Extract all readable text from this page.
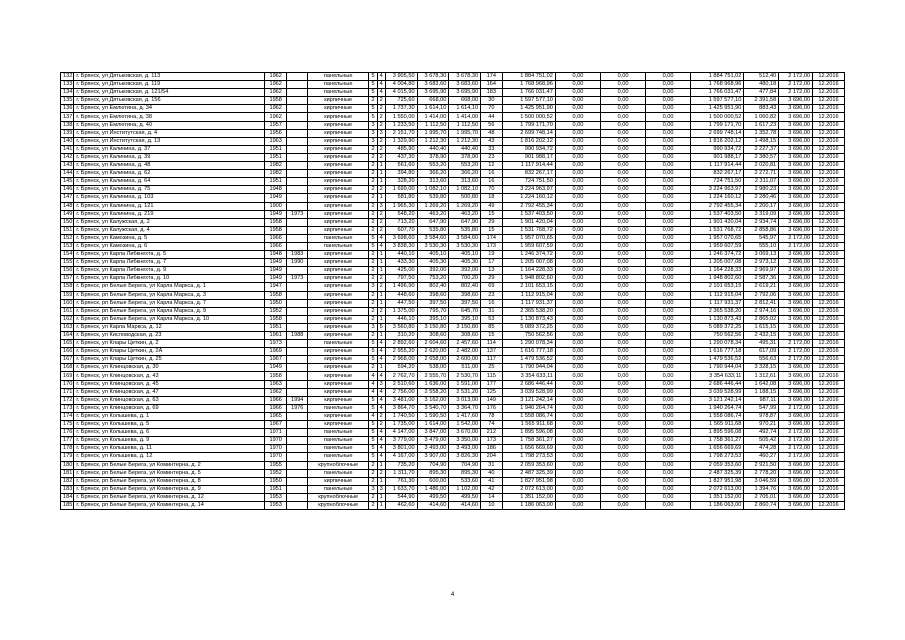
132	г. Брянск, ул Дятьковская, д. 113	1962		панельные	5	4	3 905,50	3 678,30	3 678,30	174	1 884 751,02	0,00	0,00	0,00	1 884 751,02	512,40	2 172,00	12.2016
133	г. Брянск, ул Дятьковская, д. 119	1962		панельные	5	4	4 004,80	3 683,60	3 683,60	164	1 768 968,96	0,00	0,00	0,00	1 768 968,96	480,18	2 172,00	12.2016
134	г. Брянск, ул Дятьковская, д. 121/54	1962		панельные	5	4	4 015,90	3 695,90	3 695,90	183	1 766 031,47	0,00	0,00	0,00	1 766 031,47	477,84	2 172,00	12.2016
135	г. Брянск, ул Дятьковская, д. 156	1958		кирпичные	2	2	725,60	668,00	668,00	30	1 597 577,10	0,00	0,00	0,00	1 597 577,10	2 391,58	3 696,00	12.2016
136	г. Брянск, ул Емлютина, д. 34	1962		кирпичные	5	2	1 737,30	1 614,10	1 614,10	70	1 425 951,90	0,00	0,00	0,00	1 425 951,90	883,43	3 696,00	12.2016
137	г. Брянск, ул Емлютина, д. 38	1962		кирпичные	5	2	1 550,00	1 414,00	1 414,00	44	1 500 000,52	0,00	0,00	0,00	1 500 000,52	1 060,82	3 696,00	12.2016
138	г. Брянск, ул Емлютина, д. 40	1957		кирпичные	3	2	1 233,50	1 112,50	1 112,50	56	1 799 171,70	0,00	0,00	0,00	1 799 171,70	1 617,23	3 696,00	12.2016
139	г. Брянск, ул Институтская, д. 4	1956		кирпичные	3	3	2 151,70	1 995,70	1 995,70	48	2 699 748,14	0,00	0,00	0,00	2 699 748,14	1 352,78	3 696,00	12.2016
140	г. Брянск, ул Институтская, д. 13	1963		кирпичные	3	2	1 329,90	1 212,30	1 212,30	43	1 816 202,12	0,00	0,00	0,00	1 816 202,12	1 498,15	3 696,00	12.2016
141	г. Брянск, ул Калинина, д. 37	1951		кирпичные	2	2	485,90	440,40	440,40	33	990 934,72	0,00	0,00	0,00	990 934,72	2 227,37	3 696,00	12.2016
142	г. Брянск, ул Калинина, д. 39	1951		кирпичные	2	2	437,30	378,90	378,90	23	901 988,17	0,00	0,00	0,00	901 988,17	2 380,57	3 696,00	12.2016
143	г. Брянск, ул Калинина, д. 48	1982		кирпичные	2	1	561,60	553,20	553,20	12	1 117 914,44	0,00	0,00	0,00	1 117 914,44	2 020,81	3 696,00	12.2016
144	г. Брянск, ул Калинина, д. 62	1982		кирпичные	2	1	394,80	366,20	366,20	16	832 267,17	0,00	0,00	0,00	832 267,17	2 272,71	3 696,00	12.2016
145	г. Брянск, ул Калинина, д. 64	1951		кирпичные	2	1	328,20	313,60	313,60	16	724 751,50	0,00	0,00	0,00	724 751,50	2 311,07	3 696,00	12.2016
146	г. Брянск, ул Калинина, д. 75	1948		кирпичные	2	2	1 699,00	1 082,10	1 082,10	70	3 224 963,97	0,00	0,00	0,00	3 224 963,97	2 980,23	3 696,00	12.2016
147	г. Брянск, ул Калинина, д. 103	1949		кирпичные	2	1	581,80	539,80	500,80	18	1 224 160,12	0,00	0,00	0,00	1 224 160,12	2 280,46	3 696,00	12.2016
148	г. Брянск, ул Калинина, д. 121	1900		кирпичные	2	3	1 965,30	1 269,20	1 269,20	49	2 792 455,34	0,00	0,00	0,00	2 792 455,34	2 200,17	3 696,00	12.2016
149	г. Брянск, ул Калинина, д. 219	1949	1973	кирпичные	2	2	548,20	463,20	463,20	15	1 537 403,50	0,00	0,00	0,00	1 537 403,50	3 319,09	3 696,00	12.2016
150	г. Брянск, ул Калужская, д. 2	1958		кирпичные	2	2	713,20	647,90	647,90	29	1 901 420,04	0,00	0,00	0,00	1 901 420,04	2 934,74	3 696,00	12.2016
151	г. Брянск, ул Калужская, д. 4	1958		кирпичные	2	2	607,70	535,80	535,80	15	1 531 768,72	0,00	0,00	0,00	1 531 768,72	2 858,86	3 696,00	12.2016
152	г. Брянск, ул Камозина, д. 5	1966		панельные	5	4	3 698,60	3 584,60	3 584,60	174	1 957 070,65	0,00	0,00	0,00	1 957 070,65	545,97	2 172,00	12.2016
153	г. Брянск, ул Камозина, д. 6	1966		панельные	5	4	3 838,30	3 530,30	3 530,30	173	1 959 607,59	0,00	0,00	0,00	1 959 607,59	555,10	2 172,00	12.2016
154	г. Брянск, ул Карла Либкнехта, д. 5	1948	1983	кирпичные	2	1	440,10	405,10	405,10	19	1 246 374,72	0,00	0,00	0,00	1 246 374,72	3 069,13	3 696,00	12.2016
155	г. Брянск, ул Карла Либкнехта, д. 7	1949	1990	кирпичные	2	1	433,30	405,30	405,30	17	1 205 007,08	0,00	0,00	0,00	1 205 007,08	2 973,12	3 696,00	12.2016
156	г. Брянск, ул Карла Либкнехта, д. 9	1949		кирпичные	2	1	425,00	392,00	392,00	13	1 164 228,33	0,00	0,00	0,00	1 164 228,33	2 969,97	3 696,00	12.2016
157	г. Брянск, ул Карла Либкнехта, д. 10	1949	1973	кирпичные	2	2	797,50	753,20	700,20	29	1 948 802,60	0,00	0,00	0,00	1 948 802,60	2 587,36	3 696,00	12.2016
158	г. Брянск, рп Белые Берега, ул Карла Маркса, д. 1	1947		кирпичные	3	2	1 496,90	802,40	802,40	69	2 101 653,15	0,00	0,00	0,00	2 101 653,15	2 619,21	3 696,00	12.2016
159	г. Брянск, рп Белые Берега, ул Карла Маркса, д. 3	1958		кирпичные	2	1	448,60	398,60	398,60	23	1 112 915,04	0,00	0,00	0,00	1 112 915,04	2 792,06	3 696,00	12.2016
160	г. Брянск, рп Белые Берега, ул Карла Маркса, д. 7	1950		кирпичные	2	1	447,50	397,50	397,50	16	1 117 931,37	0,00	0,00	0,00	1 117 931,37	2 812,41	3 696,00	12.2016
161	г. Брянск, рп Белые Берега, ул Карла Маркса, д. 9	1952		кирпичные	2	2	1 375,00	795,70	645,70	31	2 365 538,20	0,00	0,00	0,00	2 365 538,20	2 974,16	3 696,00	12.2016
162	г. Брянск, рп Белые Берега, ул Карла Маркса, д. 10	1958		кирпичные	2	1	446,10	395,10	395,10	53	1 130 873,43	0,00	0,00	0,00	1 130 873,43	2 865,02	3 696,00	12.2016
163	г. Брянск, ул Карла Маркса, д. 12	1951		кирпичные	3	5	3 560,80	3 150,80	3 150,80	85	5 089 372,25	0,00	0,00	0,00	5 089 372,25	1 615,15	3 696,00	12.2016
164	г. Брянск, ул Кисловодская, д. 23	1961	1988	кирпичные	2	1	310,20	308,60	308,60	15	750 562,56	0,00	0,00	0,00	750 562,56	2 432,15	3 696,00	12.2016
165	г. Брянск, ул Клары Цеткин, д. 2	1973		панельные	5	4	2 892,60	2 604,60	2 457,60	114	1 290 078,34	0,00	0,00	0,00	1 290 078,34	495,31	2 172,00	12.2016
166	г. Брянск, ул Клары Цеткин, д. 2А	1969		кирпичные	5	4	2 955,20	2 620,00	2 482,00	137	1 616 777,18	0,00	0,00	0,00	1 616 777,18	617,09	2 172,00	12.2016
167	г. Брянск, ул Клары Цеткин, д. 25	1967		кирпичные	5	4	2 968,00	2 658,00	2 600,00	117	1 479 536,52	0,00	0,00	0,00	1 479 536,52	556,63	2 172,00	12.2016
168	г. Брянск, ул Клинцовская, д. 30	1949		кирпичные	2	1	594,20	538,00	511,00	25	1 790 944,04	0,00	0,00	0,00	1 790 944,04	3 328,15	3 696,00	12.2016
169	г. Брянск, ул Клинцовская, д. 43	1958		кирпичные	4	4	2 762,70	2 555,70	2 530,70	115	3 354 633,11	0,00	0,00	0,00	3 354 633,11	1 312,61	3 696,00	12.2016
170	г. Брянск, ул Клинцовская, д. 45	1963		кирпичные	4	3	2 510,60	1 636,00	1 591,00	177	2 686 446,44	0,00	0,00	0,00	2 686 446,44	1 642,08	3 696,00	12.2016
171	г. Брянск, ул Клинцовская, д. 47	1962		кирпичные	4	4	2 756,00	2 558,20	2 531,20	125	3 039 528,99	0,00	0,00	0,00	3 039 528,99	1 188,15	3 696,00	12.2016
172	г. Брянск, ул Клинцовская, д. 63	1966	1994	кирпичные	5	4	3 481,00	3 162,00	3 013,00	149	3 121 242,14	0,00	0,00	0,00	3 121 242,14	987,11	3 696,00	12.2016
173	г. Брянск, ул Клинцовская, д. 69	1966	1976	панельные	5	4	3 864,70	3 540,70	3 364,70	176	1 940 264,74	0,00	0,00	0,00	1 940 264,74	547,99	2 172,00	12.2016
174	г. Брянск, ул Колышева, д. 1	1965		кирпичные	4	2	1 740,50	1 590,50	1 417,60	78	1 558 086,74	0,00	0,00	0,00	1 558 086,74	978,87	3 696,00	12.2016
175	г. Брянск, ул Колышева, д. 5	1967		кирпичные	5	2	1 735,00	1 614,00	1 542,00	74	1 565 911,68	0,00	0,00	0,00	1 565 911,68	970,21	3 696,00	12.2016
176	г. Брянск, ул Колышева, д. 6	1971		панельные	5	4	4 147,00	3 847,00	3 670,00	212	1 895 596,08	0,00	0,00	0,00	1 895 596,08	492,74	2 172,00	12.2016
177	г. Брянск, ул Колышева, д. 9	1970		панельные	5	4	3 779,00	3 479,00	3 350,00	173	1 758 361,27	0,00	0,00	0,00	1 758 361,27	505,42	2 172,00	12.2016
178	г. Брянск, ул Колышева, д. 11	1970		панельные	5	4	3 801,00	3 493,00	3 493,00	186	1 656 669,69	0,00	0,00	0,00	1 656 669,69	474,28	2 172,00	12.2016
179	г. Брянск, ул Колышева, д. 12	1970		панельные	5	4	4 167,00	3 907,00	3 826,30	204	1 798 273,53	0,00	0,00	0,00	1 798 273,53	460,27	2 172,00	12.2016
180	г. Брянск, рп Белые Берега, ул Коминтерна, д. 2	1955		крупноблочные	2	1	735,20	704,90	704,90	31	2 059 353,60	0,00	0,00	0,00	2 059 353,60	2 921,50	3 696,00	12.2016
181	г. Брянск, рп Белые Берега, ул Коминтерна, д. 5	1952		панельные	2	2	1 311,70	895,30	895,30	40	2 487 325,39	0,00	0,00	0,00	2 487 325,39	2 778,20	3 696,00	12.2016
182	г. Брянск, рп Белые Берега, ул Коминтерна, д. 8	1950		кирпичные	2	1	761,30	600,00	533,60	41	1 827 951,98	0,00	0,00	0,00	1 827 951,98	3 046,59	3 696,00	12.2016
183	г. Брянск, рп Белые Берега, ул Коминтерна, д. 9	1951		панельные	3	3	1 633,70	1 486,00	1 102,00	42	2 072 613,00	0,00	0,00	0,00	2 072 613,00	1 394,76	3 696,00	12.2016
184	г. Брянск, рп Белые Берега, ул Коминтерна, д. 12	1953		крупноблочные	2	1	544,90	499,50	499,50	14	1 351 152,00	0,00	0,00	0,00	1 351 152,00	2 705,01	3 696,00	12.2016
185	г. Брянск, рп Белые Берега, ул Коминтерна, д. 14	1953		крупноблочные	2	1	462,60	414,60	414,60	10	1 186 063,00	0,00	0,00	0,00	1 186 063,00	2 860,74	3 696,00	12.2016
4
